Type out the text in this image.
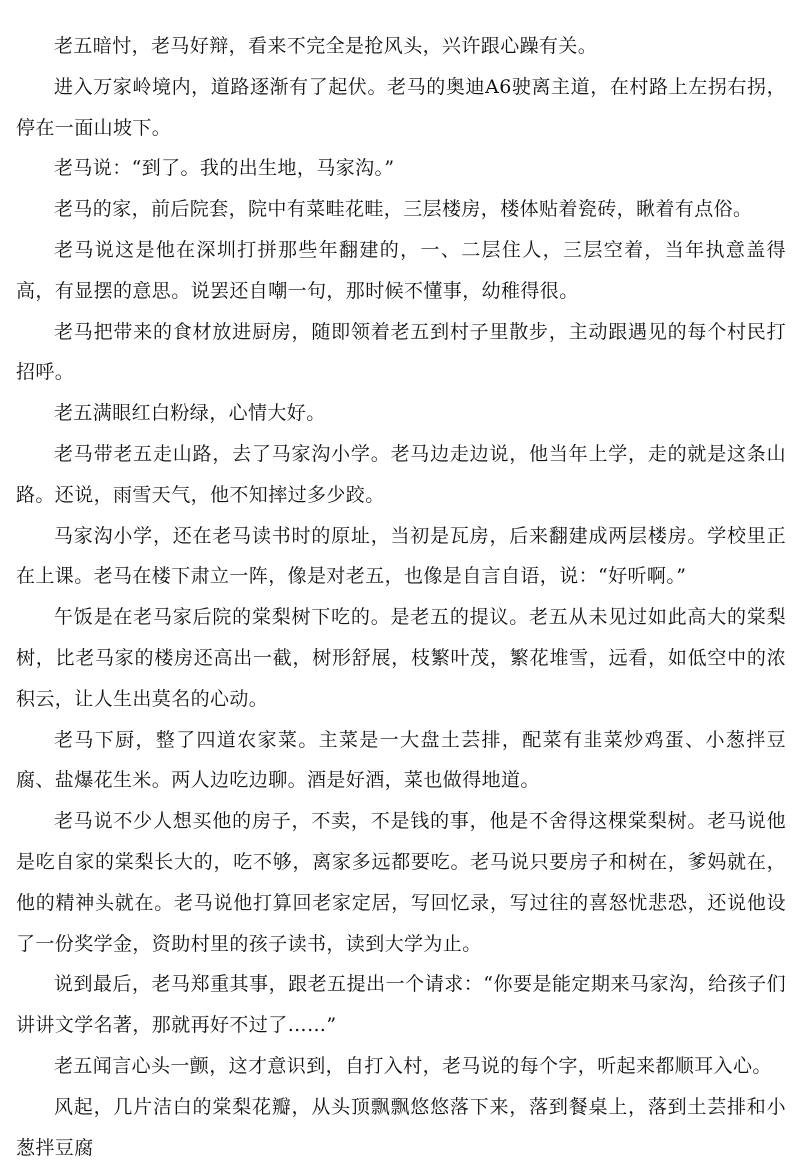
老五暗忖，老马好辩，看来不完全是抢风头，兴许跟心躁有关。

进入万家岭境内，道路逐渐有了起伏。老马的奥迪A6驶离主道，在村路上左拐右拐，停在一面山坡下。

老马说：“到了。我的出生地，马家沟。”

老马的家，前后院套，院中有菜畦花畦，三层楼房，楼体贴着瓷砖，瞅着有点俗。

老马说这是他在深圳打拼那些年翻建的，一、二层住人，三层空着，当年执意盖得高，有显摆的意思。说罢还自嘲一句，那时候不懂事，幼稚得很。

老马把带来的食材放进厨房，随即领着老五到村子里散步，主动跟遇见的每个村民打招呼。

老五满眼红白粉绿，心情大好。

老马带老五走山路，去了马家沟小学。老马边走边说，他当年上学，走的就是这条山路。还说，雨雪天气，他不知摔过多少跤。

马家沟小学，还在老马读书时的原址，当初是瓦房，后来翻建成两层楼房。学校里正在上课。老马在楼下肃立一阵，像是对老五，也像是自言自语，说：“好听啊。”

午饭是在老马家后院的棠梨树下吃的。是老五的提议。老五从未见过如此高大的棠梨树，比老马家的楼房还高出一截，树形舒展，枝繁叶茂，繁花堆雪，远看，如低空中的浓积云，让人生出莫名的心动。

老马下厨，整了四道农家菜。主菜是一大盘土芸排，配菜有韭菜炒鸡蛋、小葱拌豆腐、盐爆花生米。两人边吃边聊。酒是好酒，菜也做得地道。

老马说不少人想买他的房子，不卖，不是钱的事，他是不舍得这棵棠梨树。老马说他是吃自家的棠梨长大的，吃不够，离家多远都要吃。老马说只要房子和树在，爹妈就在，他的精神头就在。老马说他打算回老家定居，写回忆录，写过往的喜怒忧悲恐，还说他设了一份奖学金，资助村里的孩子读书，读到大学为止。

说到最后，老马郑重其事，跟老五提出一个请求：“你要是能定期来马家沟，给孩子们讲讲文学名著，那就再好不过了……”

老五闻言心头一颤，这才意识到，自打入村，老马说的每个字，听起来都顺耳入心。

风起，几片洁白的棠梨花瓣，从头顶飘飘悠悠落下来，落到餐桌上，落到土芸排和小葱拌豆腐
